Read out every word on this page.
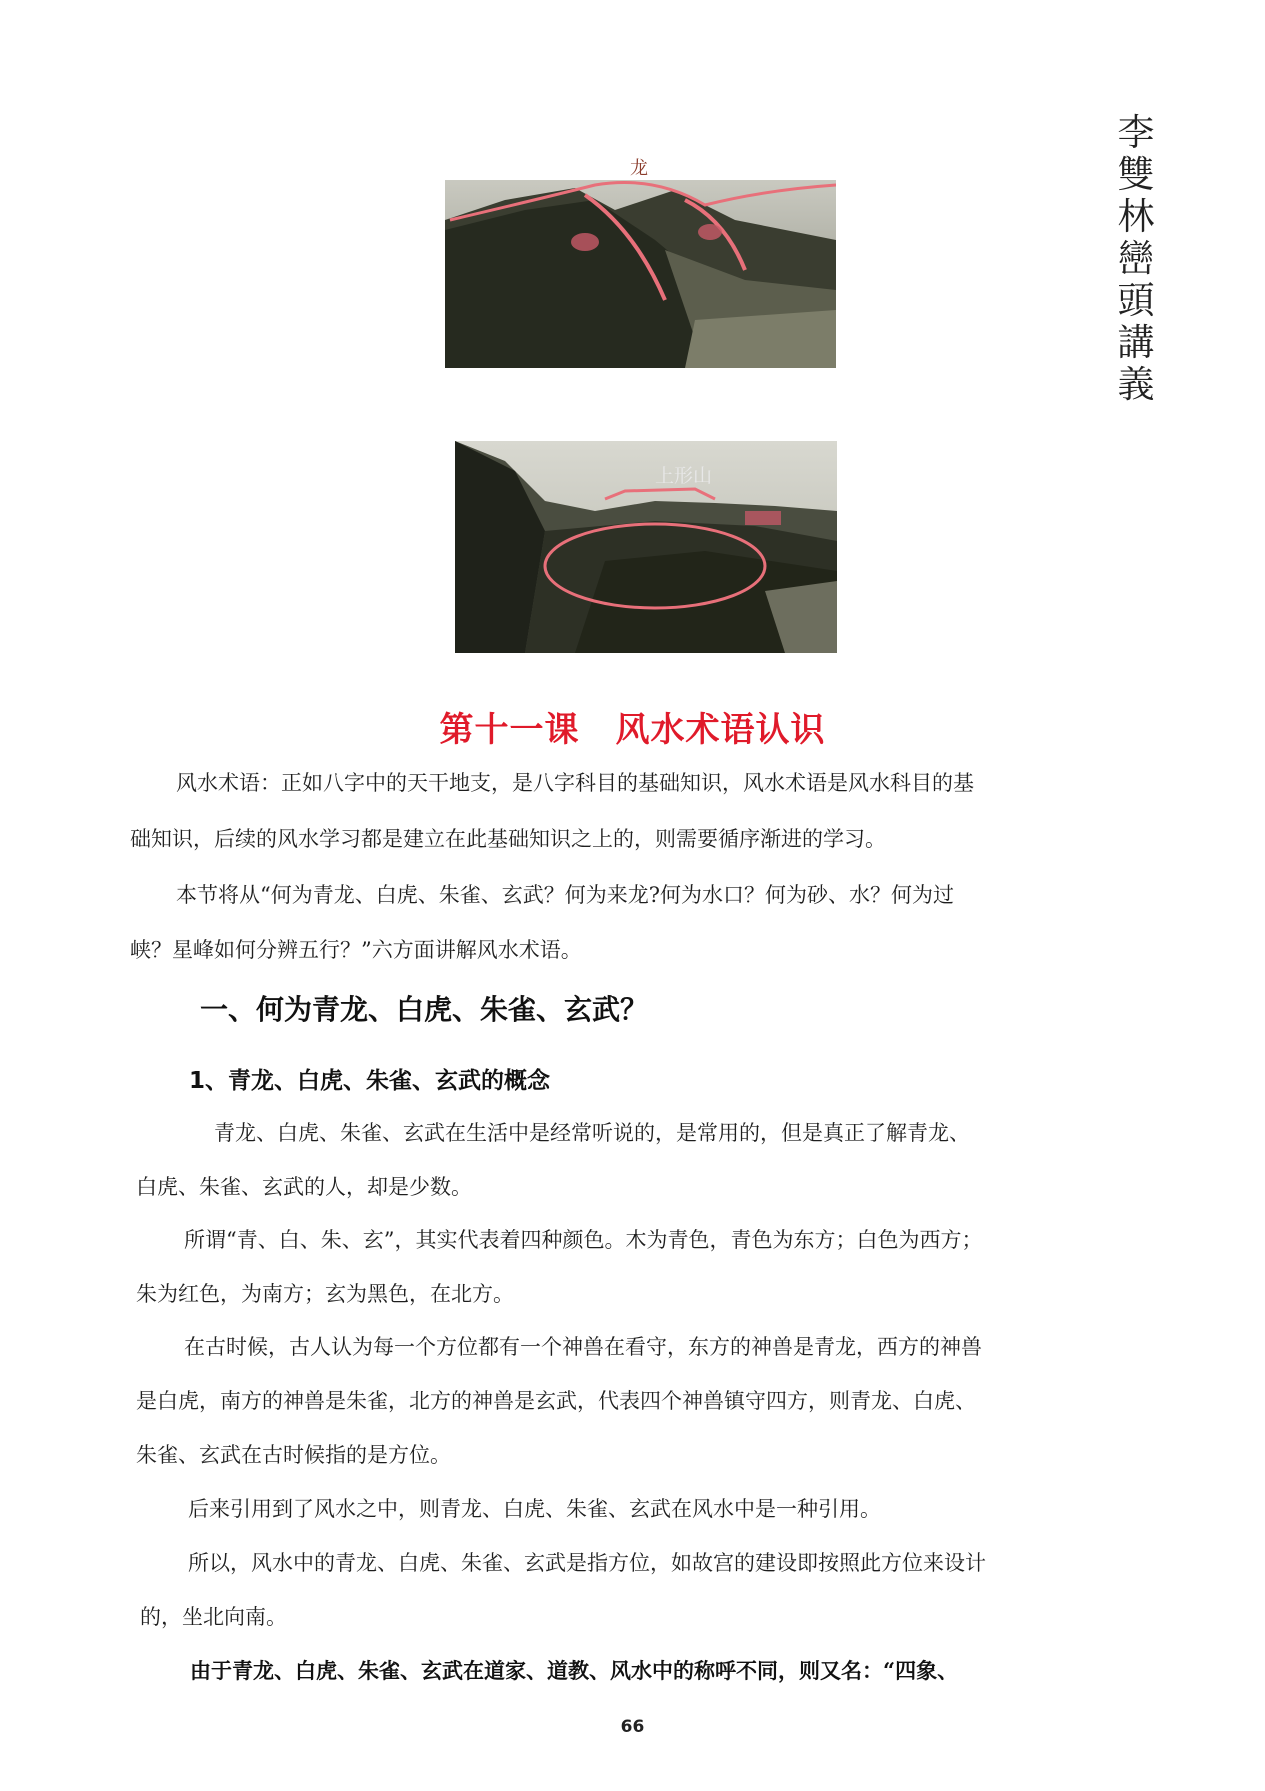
李
雙
林
巒
頭
講
義
龙
上形山
第十一课 风水术语认识
风水术语：正如八字中的天干地支，是八字科目的基础知识，风水术语是风水科目的基
础知识，后续的风水学习都是建立在此基础知识之上的，则需要循序渐进的学习。
本节将从“何为青龙、白虎、朱雀、玄武？何为来龙?何为水口？何为砂、水？何为过
峡？星峰如何分辨五行？”六方面讲解风水术语。
一、何为青龙、白虎、朱雀、玄武？
1、青龙、白虎、朱雀、玄武的概念
青龙、白虎、朱雀、玄武在生活中是经常听说的，是常用的，但是真正了解青龙、
白虎、朱雀、玄武的人，却是少数。
所谓“青、白、朱、玄”，其实代表着四种颜色。木为青色，青色为东方；白色为西方；
朱为红色，为南方；玄为黑色，在北方。
在古时候，古人认为每一个方位都有一个神兽在看守，东方的神兽是青龙，西方的神兽
是白虎，南方的神兽是朱雀，北方的神兽是玄武，代表四个神兽镇守四方，则青龙、白虎、
朱雀、玄武在古时候指的是方位。
后来引用到了风水之中，则青龙、白虎、朱雀、玄武在风水中是一种引用。
所以，风水中的青龙、白虎、朱雀、玄武是指方位，如故宫的建设即按照此方位来设计
的，坐北向南。
由于青龙、白虎、朱雀、玄武在道家、道教、风水中的称呼不同，则又名：“四象、
66
